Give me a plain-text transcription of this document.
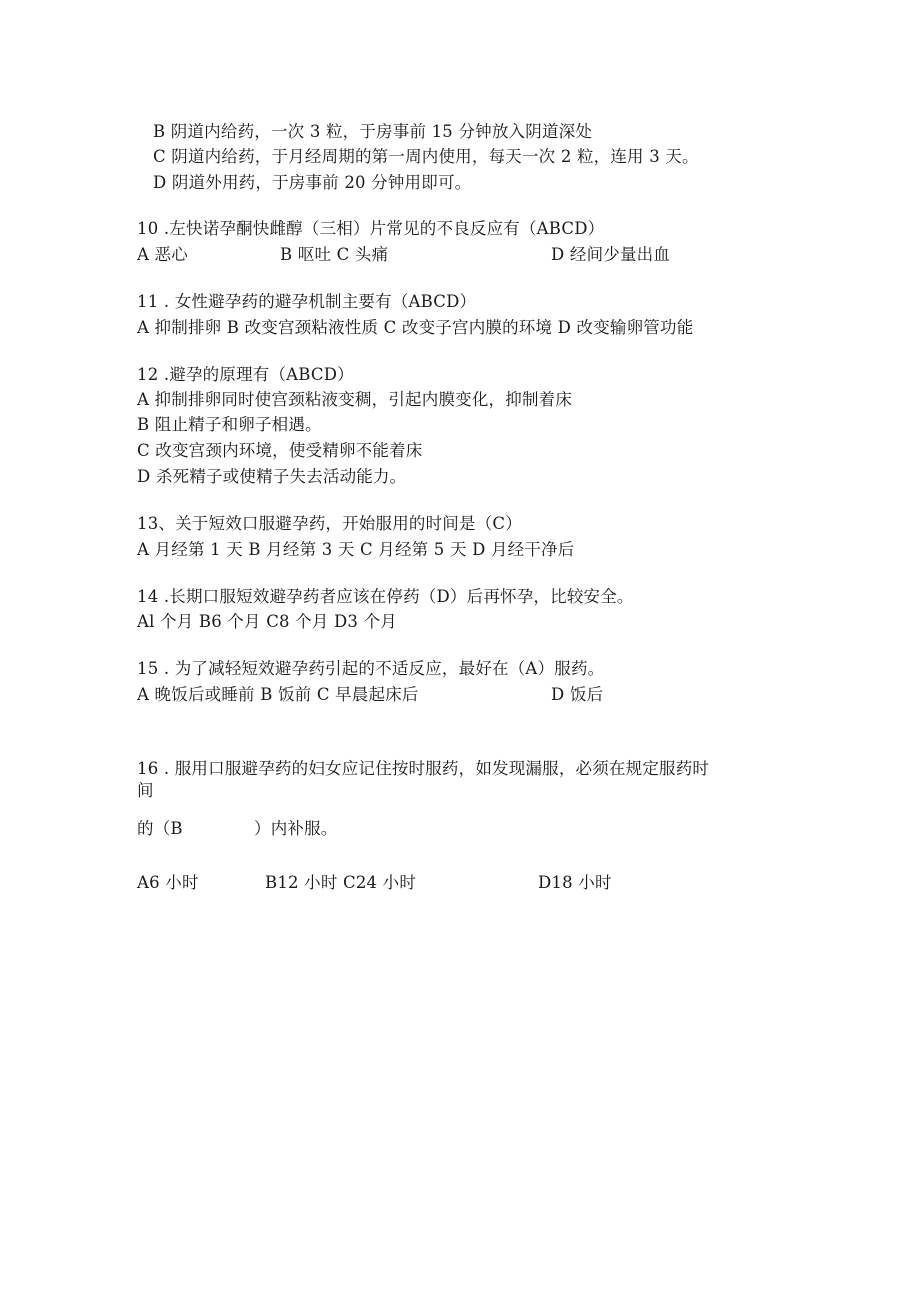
B 阴道内给药，一次 3 粒，于房事前 15 分钟放入阴道深处
C 阴道内给药，于月经周期的第一周内使用，每天一次 2 粒，连用 3 天。
D 阴道外用药，于房事前 20 分钟用即可。
10 .左快诺孕酮快雌醇（三相）片常见的不良反应有（ABCD）
A 恶心	B 呕吐 C 头痛	D 经间少量出血
11 . 女性避孕药的避孕机制主要有（ABCD）
A 抑制排卵 B 改变宫颈粘液性质 C 改变子宫内膜的环境 D 改变输卵管功能
12 .避孕的原理有（ABCD）
A 抑制排卵同时使宫颈粘液变稠，引起内膜变化，抑制着床
B 阻止精子和卵子相遇。
C 改变宫颈内环境，使受精卵不能着床
D 杀死精子或使精子失去活动能力。
13、关于短效口服避孕药，开始服用的时间是（C）
A 月经第 1 天 B 月经第 3 天 C 月经第 5 天 D 月经干净后
14 .长期口服短效避孕药者应该在停药（D）后再怀孕，比较安全。
Al 个月 B6 个月 C8 个月 D3 个月
15 . 为了减轻短效避孕药引起的不适反应，最好在（A）服药。
A 晚饭后或睡前 B 饭前 C 早晨起床后	D 饭后
16 . 服用口服避孕药的妇女应记住按时服药，如发现漏服，必须在规定服药时
间
的（B	）内补服。
A6 小时	B12 小时 C24 小时	D18 小时
